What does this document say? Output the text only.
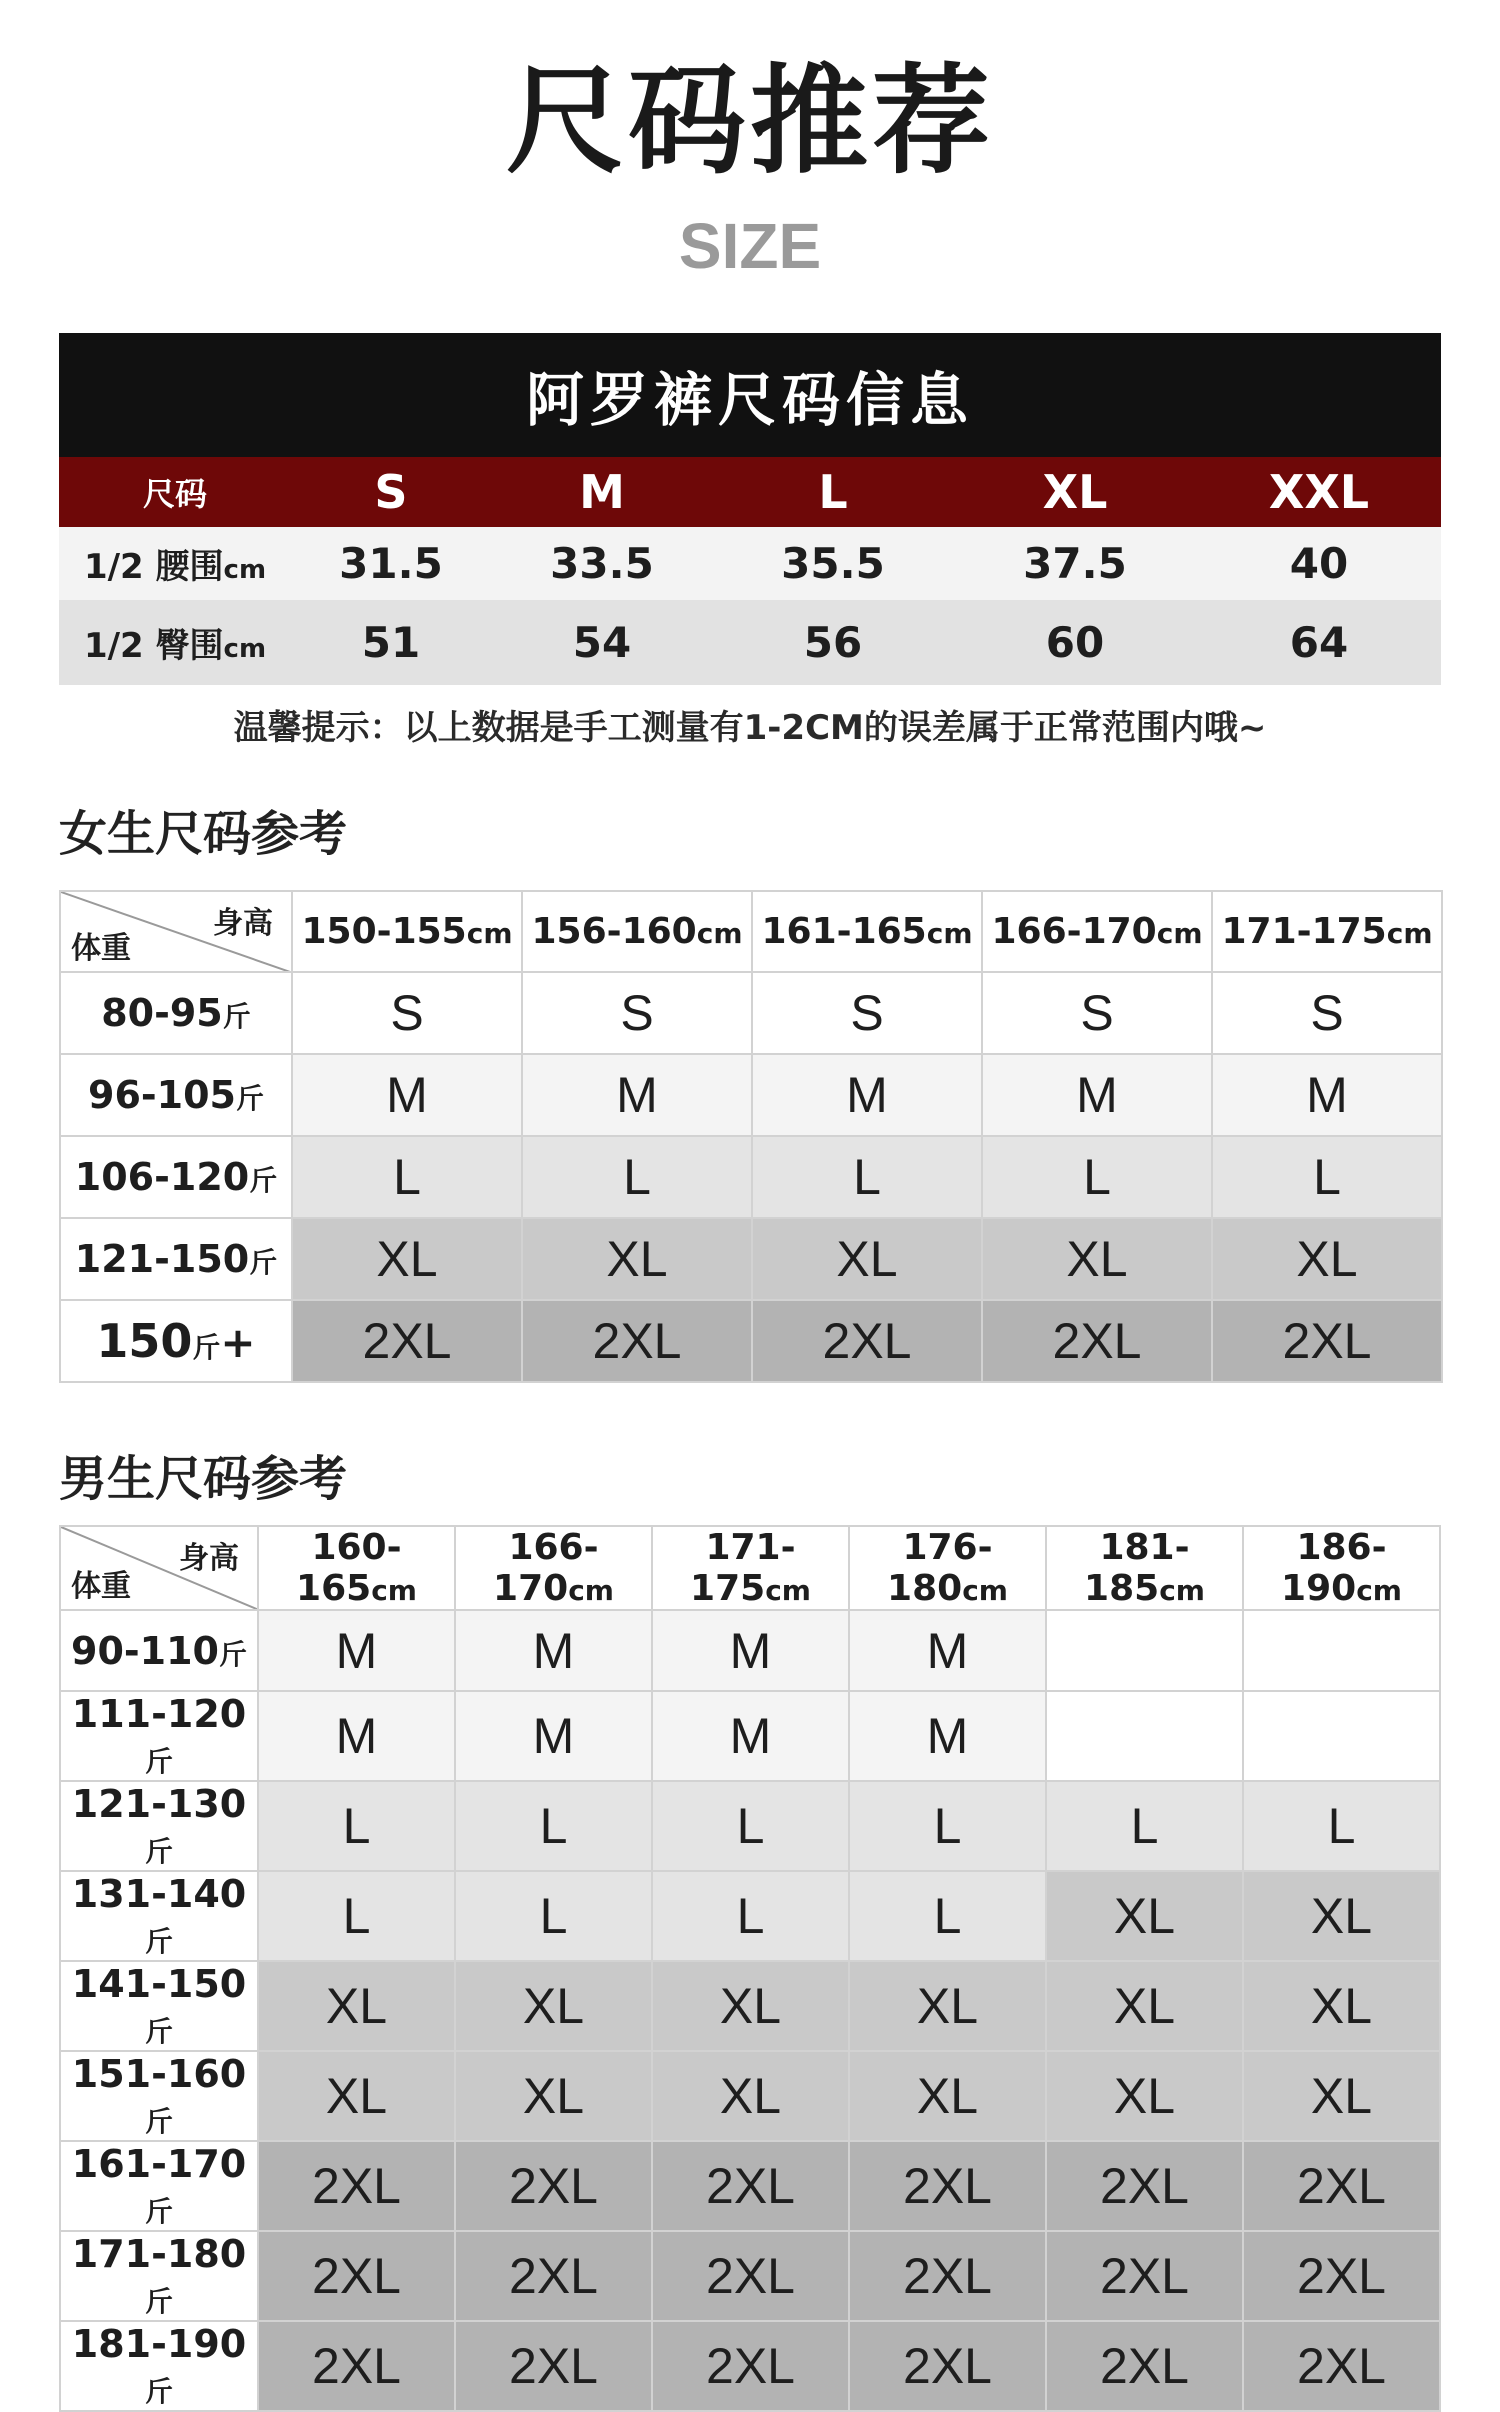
尺码推荐
SIZE
阿罗裤尺码信息
尺码	S	M	L	XL	XXL
1/2 腰围cm	31.5	33.5	35.5	37.5	40
1/2 臀围cm	51	54	56	60	64
温馨提示：以上数据是手工测量有1-2CM的误差属于正常范围内哦~
女生尺码参考
身高
体重	150-155cm	156-160cm	161-165cm	166-170cm	171-175cm
80-95斤	S	S	S	S	S
96-105斤	M	M	M	M	M
106-120斤	L	L	L	L	L
121-150斤	XL	XL	XL	XL	XL
150斤+	2XL	2XL	2XL	2XL	2XL
男生尺码参考
身高
体重	160-165cm	166-170cm	171-175cm	176-180cm	181-185cm	186-190cm
90-110斤	M	M	M	M		
111-120斤	M	M	M	M		
121-130斤	L	L	L	L	L	L
131-140斤	L	L	L	L	XL	XL
141-150斤	XL	XL	XL	XL	XL	XL
151-160斤	XL	XL	XL	XL	XL	XL
161-170斤	2XL	2XL	2XL	2XL	2XL	2XL
171-180斤	2XL	2XL	2XL	2XL	2XL	2XL
181-190斤	2XL	2XL	2XL	2XL	2XL	2XL
